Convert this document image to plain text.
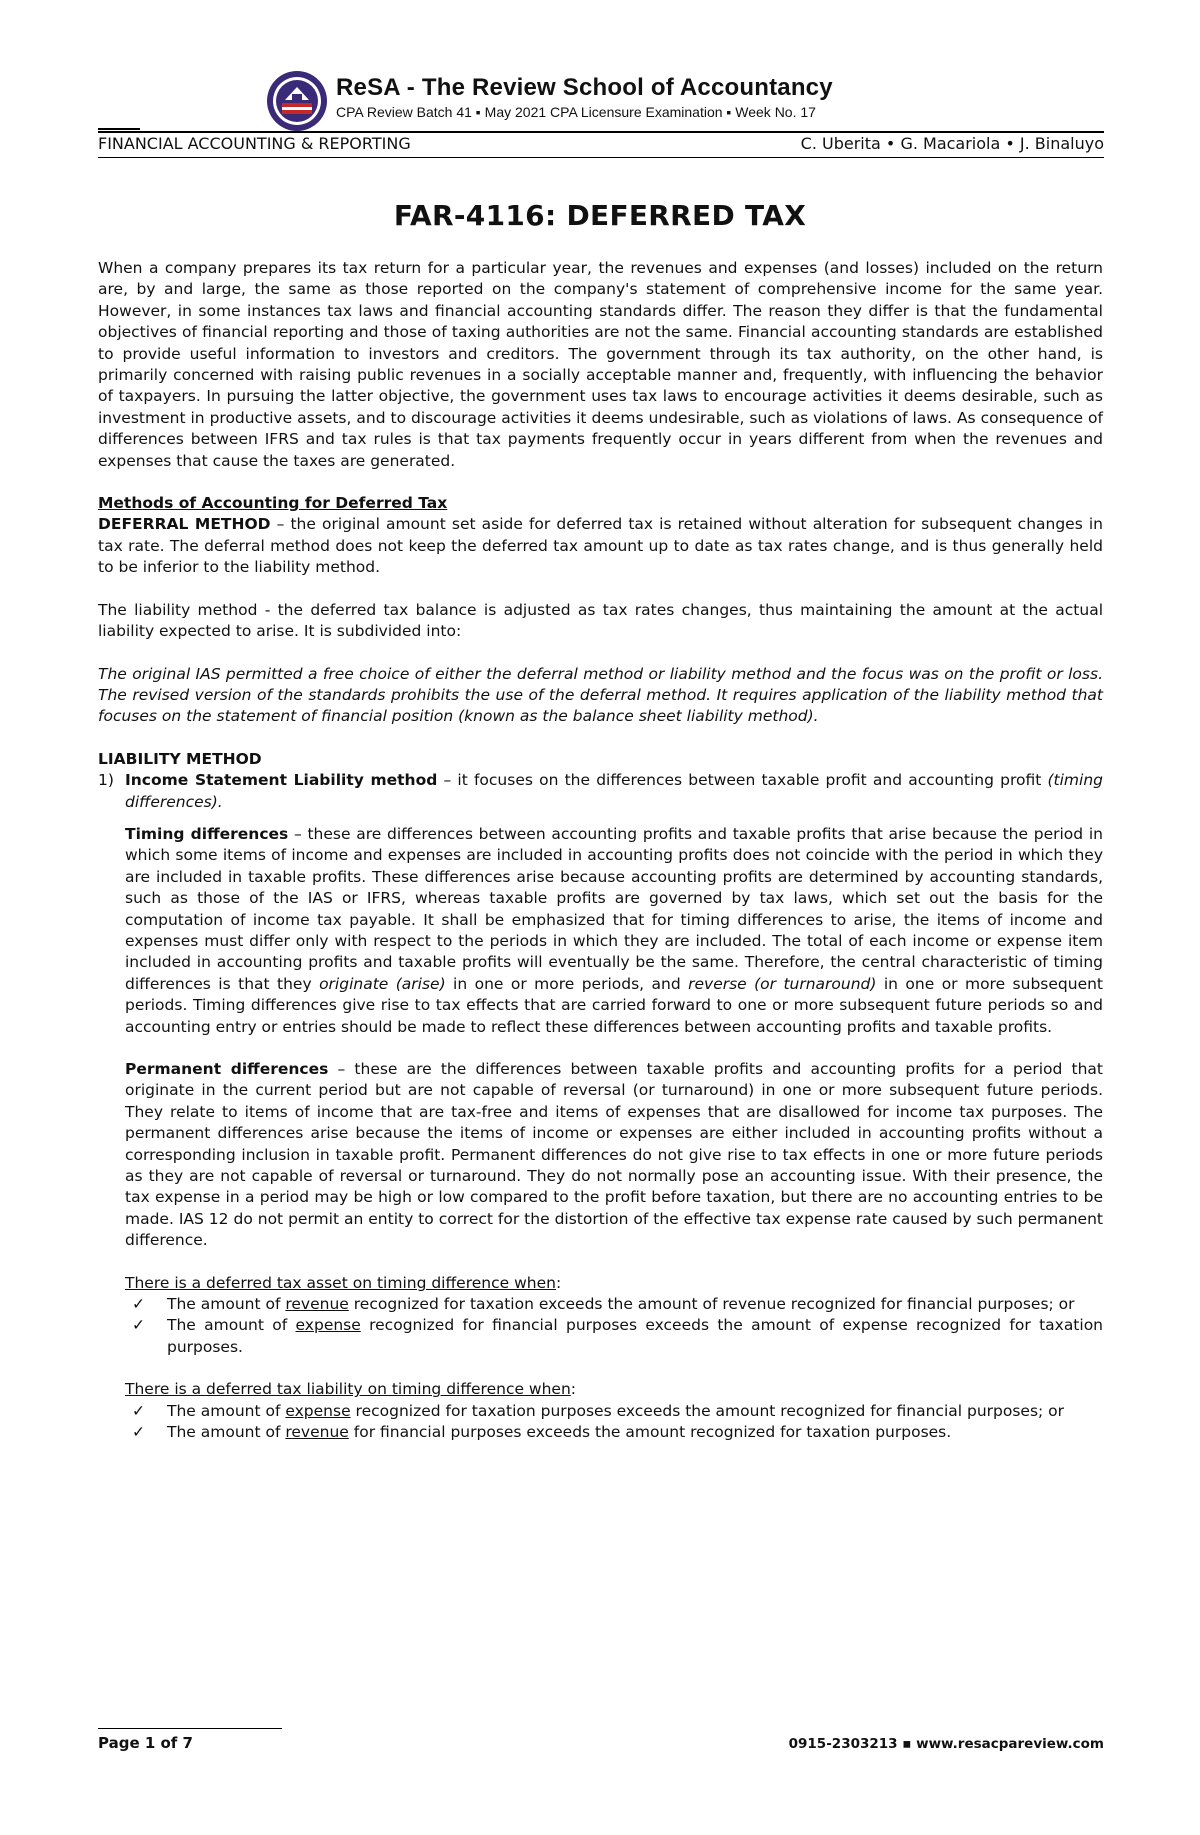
ReSA - The Review School of Accountancy
CPA Review Batch 41 ▪ May 2021 CPA Licensure Examination ▪ Week No. 17
FINANCIAL ACCOUNTING & REPORTING	C. Uberita • G. Macariola • J. Binaluyo
FAR-4116: DEFERRED TAX

When a company prepares its tax return for a particular year, the revenues and expenses (and losses) included on the return are, by and large, the same as those reported on the company's statement of comprehensive income for the same year. However, in some instances tax laws and financial accounting standards differ. The reason they differ is that the fundamental objectives of financial reporting and those of taxing authorities are not the same. Financial accounting standards are established to provide useful information to investors and creditors. The government through its tax authority, on the other hand, is primarily concerned with raising public revenues in a socially acceptable manner and, frequently, with influencing the behavior of taxpayers. In pursuing the latter objective, the government uses tax laws to encourage activities it deems desirable, such as investment in productive assets, and to discourage activities it deems undesirable, such as violations of laws. As consequence of differences between IFRS and tax rules is that tax payments frequently occur in years different from when the revenues and expenses that cause the taxes are generated.

Methods of Accounting for Deferred Tax

DEFERRAL METHOD – the original amount set aside for deferred tax is retained without alteration for subsequent changes in tax rate. The deferral method does not keep the deferred tax amount up to date as tax rates change, and is thus generally held to be inferior to the liability method.

The liability method - the deferred tax balance is adjusted as tax rates changes, thus maintaining the amount at the actual liability expected to arise. It is subdivided into:

The original IAS permitted a free choice of either the deferral method or liability method and the focus was on the profit or loss. The revised version of the standards prohibits the use of the deferral method. It requires application of the liability method that focuses on the statement of financial position (known as the balance sheet liability method).

LIABILITY METHOD

1) Income Statement Liability method – it focuses on the differences between taxable profit and accounting profit (timing differences).

Timing differences – these are differences between accounting profits and taxable profits that arise because the period in which some items of income and expenses are included in accounting profits does not coincide with the period in which they are included in taxable profits. These differences arise because accounting profits are determined by accounting standards, such as those of the IAS or IFRS, whereas taxable profits are governed by tax laws, which set out the basis for the computation of income tax payable. It shall be emphasized that for timing differences to arise, the items of income and expenses must differ only with respect to the periods in which they are included. The total of each income or expense item included in accounting profits and taxable profits will eventually be the same. Therefore, the central characteristic of timing differences is that they originate (arise) in one or more periods, and reverse (or turnaround) in one or more subsequent periods. Timing differences give rise to tax effects that are carried forward to one or more subsequent future periods so and accounting entry or entries should be made to reflect these differences between accounting profits and taxable profits.

Permanent differences – these are the differences between taxable profits and accounting profits for a period that originate in the current period but are not capable of reversal (or turnaround) in one or more subsequent future periods. They relate to items of income that are tax-free and items of expenses that are disallowed for income tax purposes. The permanent differences arise because the items of income or expenses are either included in accounting profits without a corresponding inclusion in taxable profit. Permanent differences do not give rise to tax effects in one or more future periods as they are not capable of reversal or turnaround. They do not normally pose an accounting issue. With their presence, the tax expense in a period may be high or low compared to the profit before taxation, but there are no accounting entries to be made. IAS 12 do not permit an entity to correct for the distortion of the effective tax expense rate caused by such permanent difference.

There is a deferred tax asset on timing difference when:

✓	The amount of revenue recognized for taxation exceeds the amount of revenue recognized for financial purposes; or

✓	The amount of expense recognized for financial purposes exceeds the amount of expense recognized for taxation purposes.

There is a deferred tax liability on timing difference when:

✓	The amount of expense recognized for taxation purposes exceeds the amount recognized for financial purposes; or

✓	The amount of revenue for financial purposes exceeds the amount recognized for taxation purposes.

Page 1 of 7	0915-2303213 ▪ www.resacpareview.com
